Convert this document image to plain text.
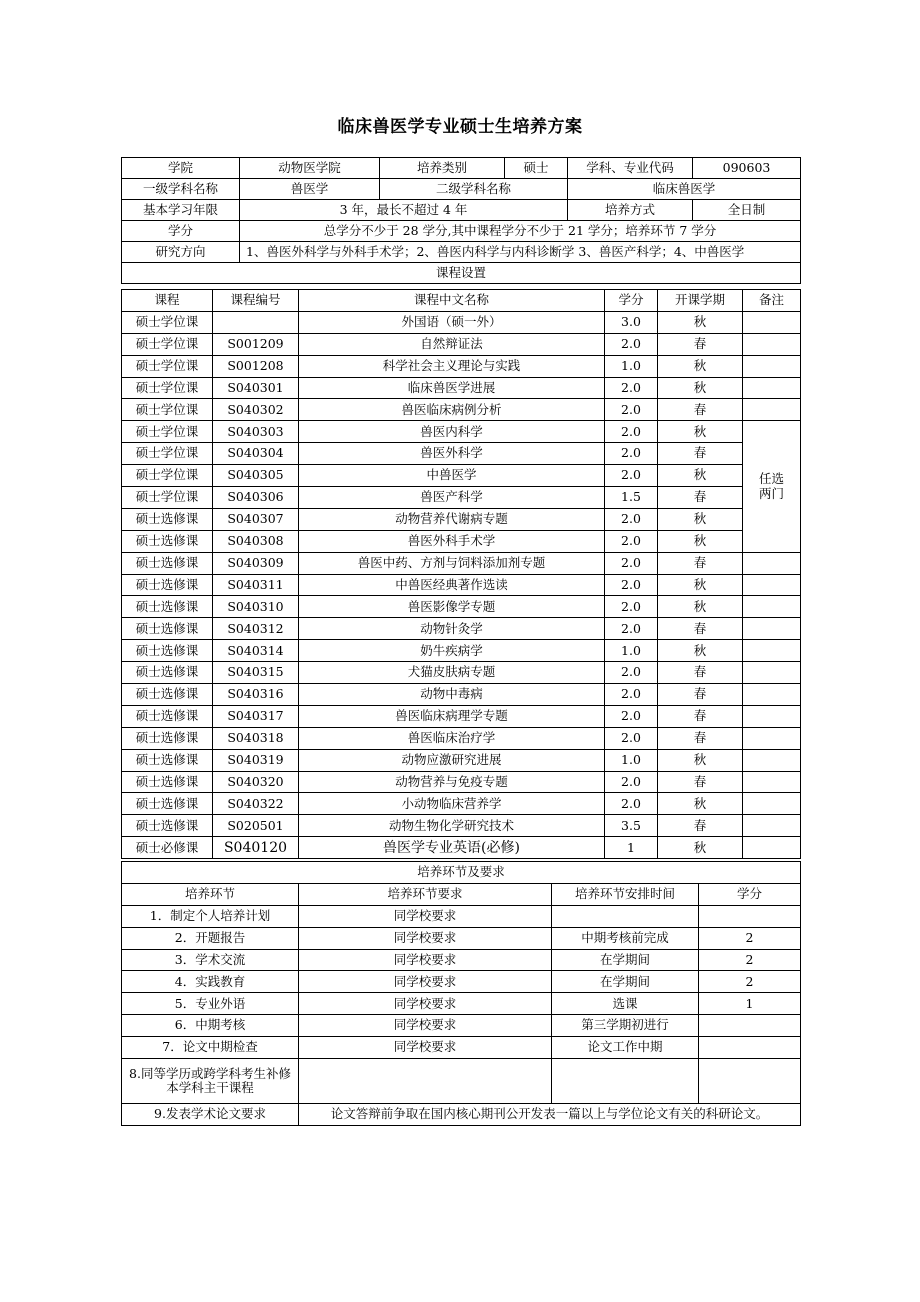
临床兽医学专业硕士生培养方案
学院	动物医学院	培养类别	硕士	学科、专业代码	090603
一级学科名称	兽医学	二级学科名称		临床兽医学	
基本学习年限	3 年，最长不超过 4 年			培养方式	全日制
学分	总学分不少于 28 学分,其中课程学分不少于 21 学分；培养环节 7 学分				
研究方向	1、兽医外科学与外科手术学；2、兽医内科学与内科诊断学 3、兽医产科学；4、中兽医学				
课程设置					
课程	课程编号	课程中文名称	学分	开课学期	备注
硕士学位课		外国语（硕一外）	3.0	秋	
硕士学位课	S001209	自然辩证法	2.0	春	
硕士学位课	S001208	科学社会主义理论与实践	1.0	秋	
硕士学位课	S040301	临床兽医学进展	2.0	秋	
硕士学位课	S040302	兽医临床病例分析	2.0	春	
硕士学位课	S040303	兽医内科学	2.0	秋	任选两门
硕士学位课	S040304	兽医外科学	2.0	春	
硕士学位课	S040305	中兽医学	2.0	秋	
硕士学位课	S040306	兽医产科学	1.5	春	
硕士选修课	S040307	动物营养代谢病专题	2.0	秋	
硕士选修课	S040308	兽医外科手术学	2.0	秋	
硕士选修课	S040309	兽医中药、方剂与饲料添加剂专题	2.0	春	
硕士选修课	S040311	中兽医经典著作选读	2.0	秋	
硕士选修课	S040310	兽医影像学专题	2.0	秋	
硕士选修课	S040312	动物针灸学	2.0	春	
硕士选修课	S040314	奶牛疾病学	1.0	秋	
硕士选修课	S040315	犬猫皮肤病专题	2.0	春	
硕士选修课	S040316	动物中毒病	2.0	春	
硕士选修课	S040317	兽医临床病理学专题	2.0	春	
硕士选修课	S040318	兽医临床治疗学	2.0	春	
硕士选修课	S040319	动物应激研究进展	1.0	秋	
硕士选修课	S040320	动物营养与免疫专题	2.0	春	
硕士选修课	S040322	小动物临床营养学	2.0	秋	
硕士选修课	S020501	动物生物化学研究技术	3.5	春	
硕士必修课	S040120	兽医学专业英语(必修)	1	秋	
培养环节及要求			
培养环节	培养环节要求	培养环节安排时间	学分
1．制定个人培养计划	同学校要求		
2．开题报告	同学校要求	中期考核前完成	2
3．学术交流	同学校要求	在学期间	2
4．实践教育	同学校要求	在学期间	2
5．专业外语	同学校要求	选课	1
6．中期考核	同学校要求	第三学期初进行	
7．论文中期检查	同学校要求	论文工作中期	
8.同等学历或跨学科考生补修本学科主干课程			
9.发表学术论文要求	论文答辩前争取在国内核心期刊公开发表一篇以上与学位论文有关的科研论文。		
